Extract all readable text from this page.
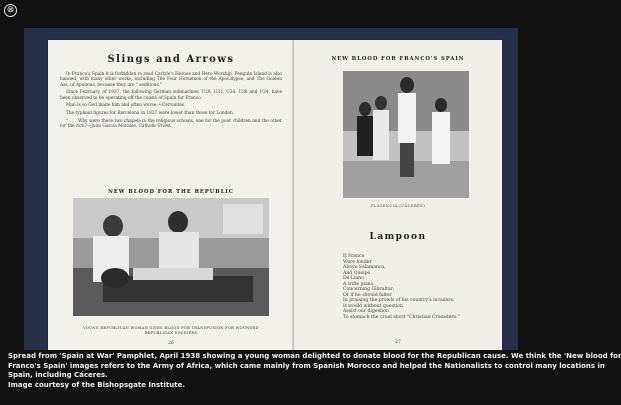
⊗
Slings and Arrows

In Franco's Spain it is forbidden to read Carlyle's Heroes and Hero Worship. Penguin Island is also banned, with many other works, including The Four Horsemen of the Apocalypse, and The Golden Ass, of Apuleius, because they are " seditious."

Since February, of 1937, the following German submarines, U29, U31, U34, U36 and U34, have been observed to be operating off the coasts of Spain for Franco.

Man is so God made him and often worse.—Cervantes.

The typhoid figures for Barcelona in 1937 were lower than those for London.

" . . . Why were there two chapels in the religious schools, one for the poor children and the other for the rich?—Juan Garcia Morales, Catholic Priest.

NEW BLOOD FOR THE REPUBLIC
YOUNG REPUBLICAN WOMAN GIVES BLOOD FOR TRANSFUSION FOR WOUNDED REPUBLICAN SOLDIERS
26
NEW BLOOD FOR FRANCO'S SPAIN
PLASENCIA (CÁCERES)
Lampoon
If Franco
Were fonder
Above Salamanca,
And Queipo
De Llano
A trifle piano
Concerning Gibraltar;
Or if he should falter
In praising the prowls of his country's invaders,
It would without question
Assist our digestion
To stomach the cruel short "Christian Crusaders."
27
Spread from 'Spain at War' Pamphlet, April 1938 showing a young woman delighted to donate blood for the Republican cause. We think the 'New blood for
Franco's Spain' images refers to the Army of Africa, which came mainly from Spanish Morocco and helped the Nationalists to control many locations in
Spain, including Cáceres.
Image courtesy of the Bishopsgate Institute.
